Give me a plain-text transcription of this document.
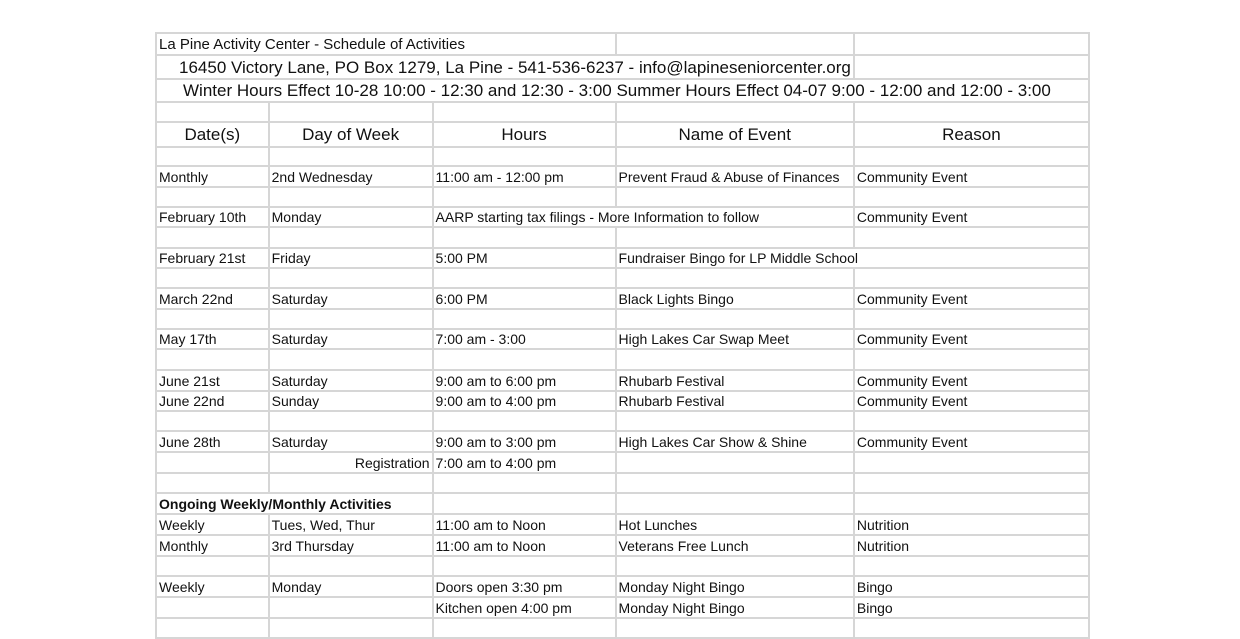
La Pine Activity Center - Schedule of Activities				
16450 Victory Lane, PO Box 1279, La Pine - 541-536-6237 - info@lapineseniorcenter.org				
Winter Hours Effect 10-28 10:00 - 12:30 and 12:30 - 3:00 Summer Hours Effect 04-07 9:00 - 12:00 and 12:00 - 3:00				

Date(s)	Day of Week	Hours	Name of Event	Reason

Monthly	2nd Wednesday	11:00 am - 12:00 pm	Prevent Fraud & Abuse of Finances	Community Event

February 10th	Monday	AARP starting tax filings - More Information to follow		Community Event

February 21st	Friday	5:00 PM	Fundraiser Bingo for LP Middle School	

March 22nd	Saturday	6:00 PM	Black Lights Bingo	Community Event

May 17th	Saturday	7:00 am - 3:00	High Lakes Car Swap Meet	Community Event

June 21st	Saturday	9:00 am to 6:00 pm	Rhubarb Festival	Community Event
June 22nd	Sunday	9:00 am to 4:00 pm	Rhubarb Festival	Community Event

June 28th	Saturday	9:00 am to 3:00 pm	High Lakes Car Show & Shine	Community Event
	Registration	7:00 am to 4:00 pm		

Ongoing Weekly/Monthly Activities				
Weekly	Tues, Wed, Thur	11:00 am to Noon	Hot Lunches	Nutrition
Monthly	3rd Thursday	11:00 am to Noon	Veterans Free Lunch	Nutrition

Weekly	Monday	Doors open 3:30 pm	Monday Night Bingo	Bingo
		Kitchen open 4:00 pm	Monday Night Bingo	Bingo
